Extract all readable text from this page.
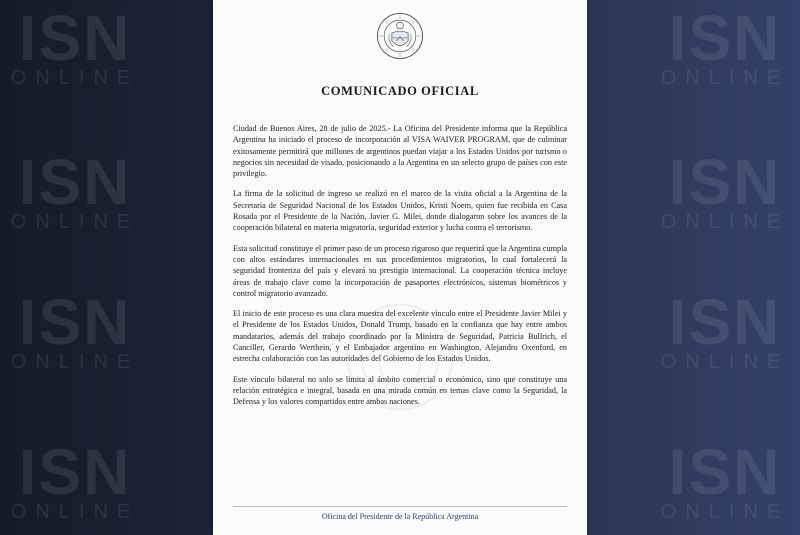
ISN
ONLINE
ISN
ONLINE
ISN
ONLINE
ISN
ONLINE
ISN
ONLINE
ISN
ONLINE
ISN
ONLINE
ISN
ONLINE
COMUNICADO OFICIAL

Ciudad de Buenos Aires, 28 de julio de 2025.- La Oficina del Presidente informa que la República Argentina ha iniciado el proceso de incorporación al VISA WAIVER PROGRAM, que de culminar exitosamente permitirá que millones de argentinos puedan viajar a los Estados Unidos por turismo o negocios sin necesidad de visado, posicionando a la Argentina en un selecto grupo de países con este privilegio.

La firma de la solicitud de ingreso se realizó en el marco de la visita oficial a la Argentina de la Secretaría de Seguridad Nacional de los Estados Unidos, Kristi Noem, quien fue recibida en Casa Rosada por el Presidente de la Nación, Javier G. Milei, donde dialogaron sobre los avances de la cooperación bilateral en materia migratoria, seguridad exterior y lucha contra el terrorismo.

Esta solicitud constituye el primer paso de un proceso riguroso que requerirá que la Argentina cumpla con altos estándares internacionales en sus procedimientos migratorios, lo cual fortalecerá la seguridad fronteriza del país y elevará su prestigio internacional. La cooperación técnica incluye áreas de trabajo clave como la incorporación de pasaportes electrónicos, sistemas biométricos y control migratorio avanzado.

El inicio de este proceso es una clara muestra del excelente vínculo entre el Presidente Javier Milei y el Presidente de los Estados Unidos, Donald Trump, basado en la confianza que hay entre ambos mandatarios, además del trabajo coordinado por la Ministra de Seguridad, Patricia Bullrich, el Canciller, Gerardo Werthein, y el Embajador argentino en Washington, Alejandro Oxenford, en estrecha colaboración con las autoridades del Gobierno de los Estados Unidos.

Este vínculo bilateral no solo se limita al ámbito comercial o económico, sino que constituye una relación estratégica e integral, basada en una mirada común en temas clave como la Seguridad, la Defensa y los valores compartidos entre ambas naciones.

Oficina del Presidente de la República Argentina
